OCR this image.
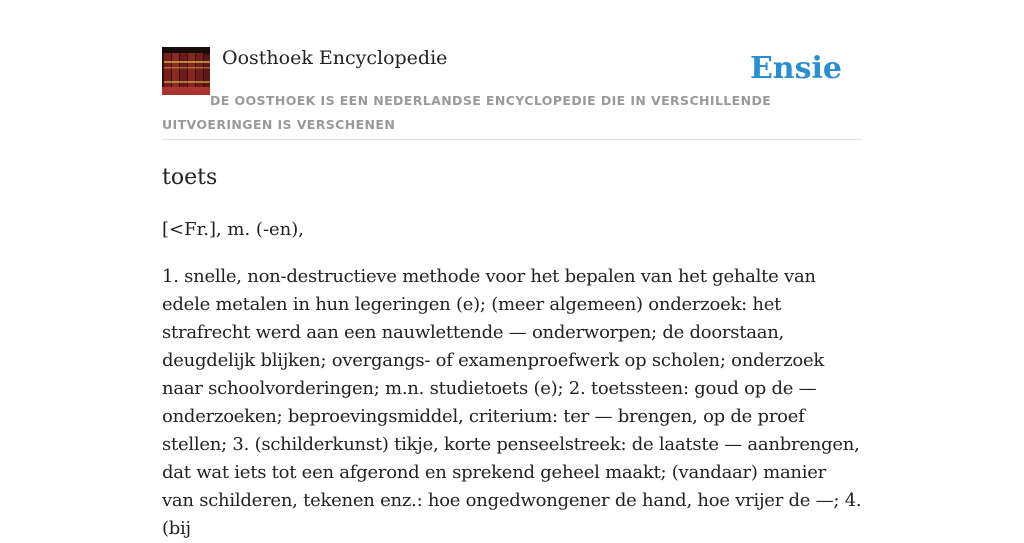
Oosthoek Encyclopedie	Ensie

DE OOSTHOEK IS EEN NEDERLANDSE ENCYCLOPEDIE DIE IN VERSCHILLENDE UITVOERINGEN IS VERSCHENEN

toets

[<Fr.], m. (-en),

1. snelle, non-destructieve methode voor het bepalen van het gehalte van edele metalen in hun legeringen (e); (meer algemeen) onderzoek: het strafrecht werd aan een nauwlettende — onderworpen; de doorstaan, deugdelijk blijken; overgangs- of examenproefwerk op scholen; onderzoek naar schoolvorderingen; m.n. studietoets (e); 2. toetssteen: goud op de — onderzoeken; beproevingsmiddel, criterium: ter — brengen, op de proef stellen; 3. (schilderkunst) tikje, korte penseelstreek: de laatste — aanbrengen, dat wat iets tot een afgerond en sprekend geheel maakt; (vandaar) manier van schilderen, tekenen enz.: hoe ongedwongener de hand, hoe vrijer de —; 4. (bij
